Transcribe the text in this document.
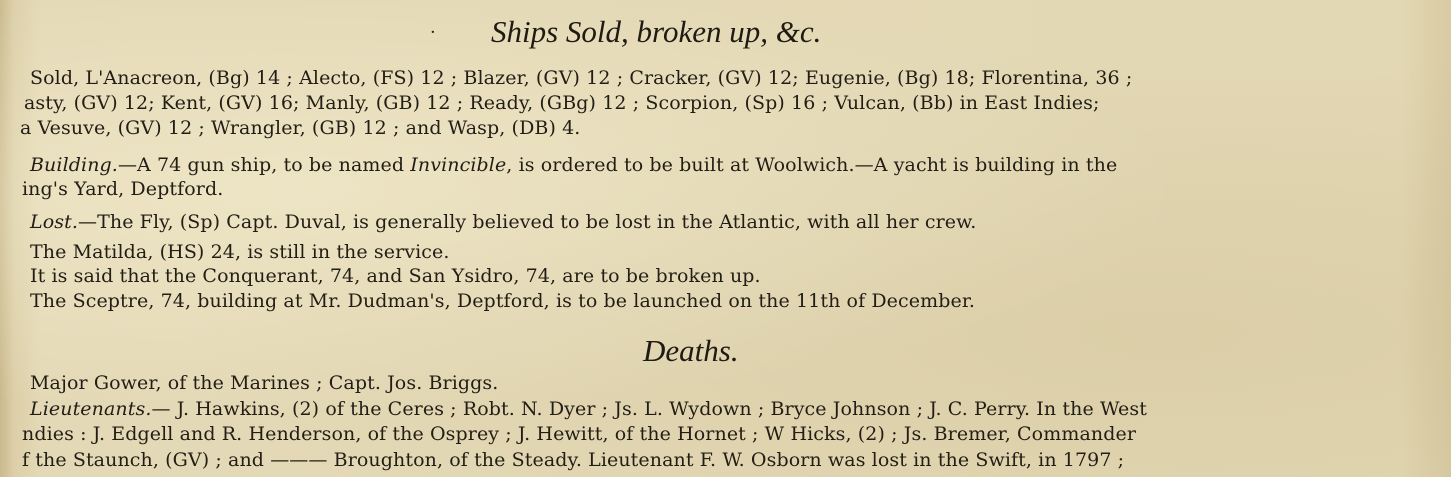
Ships Sold, broken up, &c.
·
Sold, L'Anacreon, (Bg) 14 ; Alecto, (FS) 12 ; Blazer, (GV) 12 ; Cracker, (GV) 12; Eugenie, (Bg) 18; Florentina, 36 ;
asty, (GV) 12; Kent, (GV) 16; Manly, (GB) 12 ; Ready, (GBg) 12 ; Scorpion, (Sp) 16 ; Vulcan, (Bb) in East Indies;
a Vesuve, (GV) 12 ; Wrangler, (GB) 12 ; and Wasp, (DB) 4.
Building.—A 74 gun ship, to be named Invincible, is ordered to be built at Woolwich.—A yacht is building in the
ing's Yard, Deptford.
Lost.—The Fly, (Sp) Capt. Duval, is generally believed to be lost in the Atlantic, with all her crew.
The Matilda, (HS) 24, is still in the service.
It is said that the Conquerant, 74, and San Ysidro, 74, are to be broken up.
The Sceptre, 74, building at Mr. Dudman's, Deptford, is to be launched on the 11th of December.
Deaths.
Major Gower, of the Marines ; Capt. Jos. Briggs.
Lieutenants.— J. Hawkins, (2) of the Ceres ; Robt. N. Dyer ; Js. L. Wydown ; Bryce Johnson ; J. C. Perry. In the West
ndies : J. Edgell and R. Henderson, of the Osprey ; J. Hewitt, of the Hornet ; W Hicks, (2) ; Js. Bremer, Commander
f the Staunch, (GV) ; and ——— Broughton, of the Steady. Lieutenant F. W. Osborn was lost in the Swift, in 1797 ;
